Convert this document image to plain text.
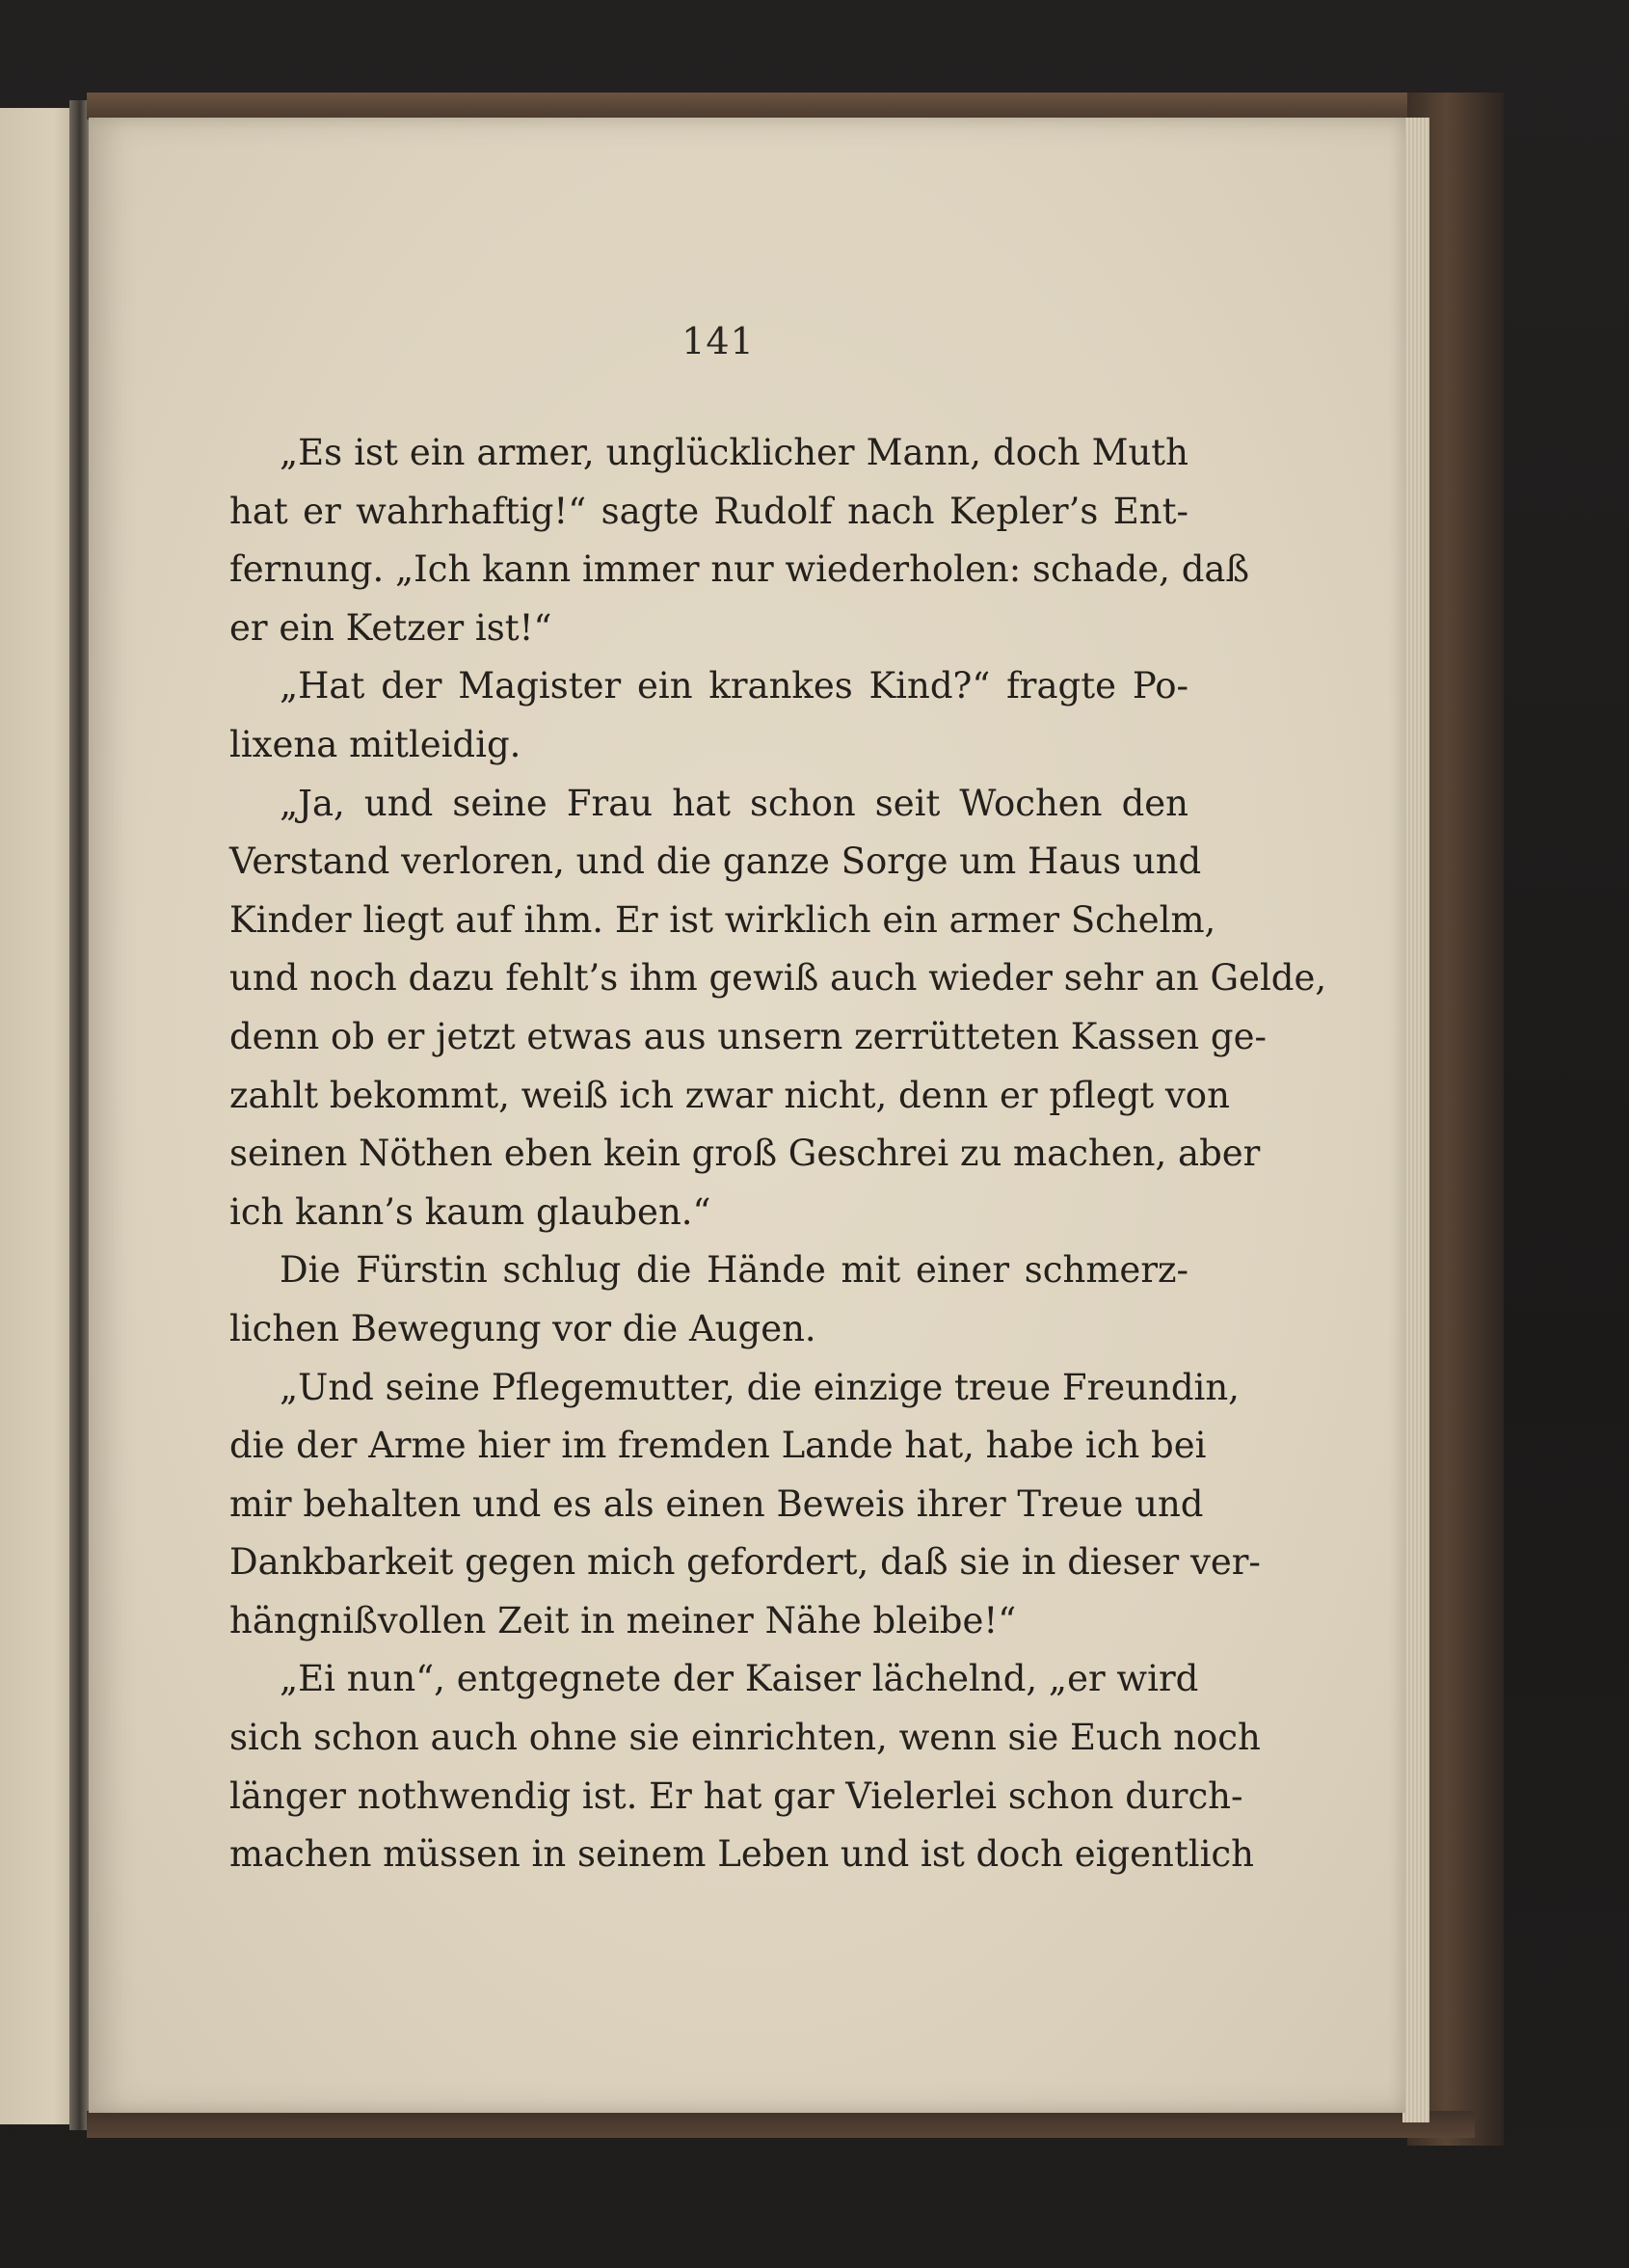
141
„Es ist ein armer, unglücklicher Mann, doch Muth
hat er wahrhaftig!“ sagte Rudolf nach Kepler’s Ent-
fernung. „Ich kann immer nur wiederholen: schade, daß
er ein Ketzer ist!“
„Hat der Magister ein krankes Kind?“ fragte Po-
lixena mitleidig.
„Ja, und seine Frau hat schon seit Wochen den
Verstand verloren, und die ganze Sorge um Haus und
Kinder liegt auf ihm. Er ist wirklich ein armer Schelm,
und noch dazu fehlt’s ihm gewiß auch wieder sehr an Gelde,
denn ob er jetzt etwas aus unsern zerrütteten Kassen ge-
zahlt bekommt, weiß ich zwar nicht, denn er pflegt von
seinen Nöthen eben kein groß Geschrei zu machen, aber
ich kann’s kaum glauben.“
Die Fürstin schlug die Hände mit einer schmerz-
lichen Bewegung vor die Augen.
„Und seine Pflegemutter, die einzige treue Freundin,
die der Arme hier im fremden Lande hat, habe ich bei
mir behalten und es als einen Beweis ihrer Treue und
Dankbarkeit gegen mich gefordert, daß sie in dieser ver-
hängnißvollen Zeit in meiner Nähe bleibe!“
„Ei nun“, entgegnete der Kaiser lächelnd, „er wird
sich schon auch ohne sie einrichten, wenn sie Euch noch
länger nothwendig ist. Er hat gar Vielerlei schon durch-
machen müssen in seinem Leben und ist doch eigentlich
